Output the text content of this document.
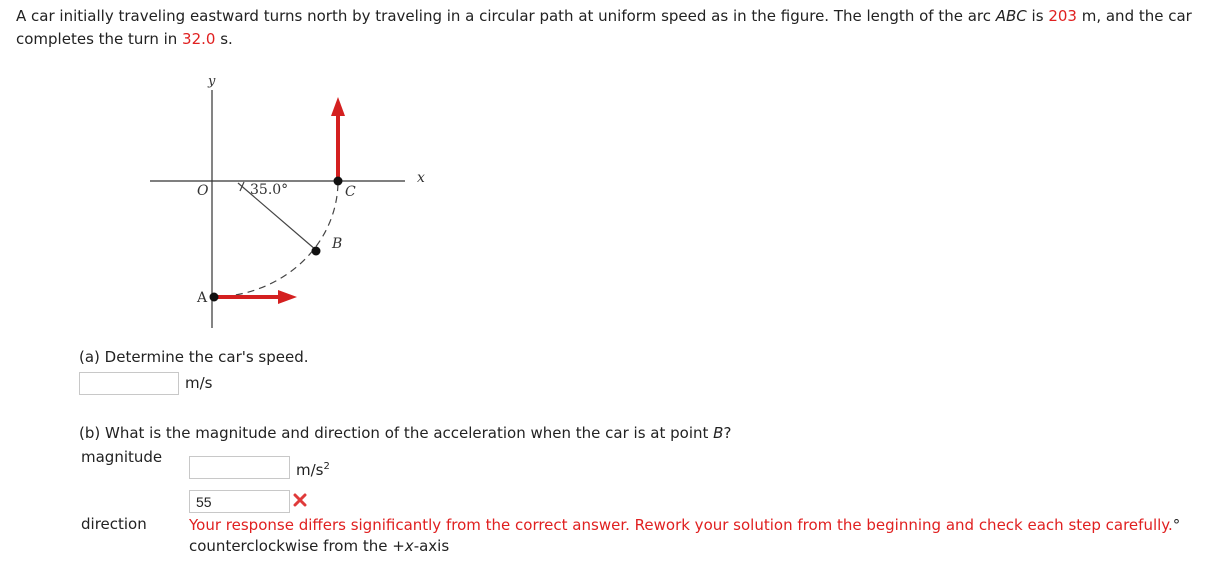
A car initially traveling eastward turns north by traveling in a circular path at uniform speed as in the figure. The length of the arc ABC is 203 m, and the car completes the turn in 32.0 s.

y
x
O	35.0°	C
B
A
(a) Determine the car's speed.
m/s
(b) What is the magnitude and direction of the acceleration when the car is at point B?
magnitude
$m/s^2$
55
direction	Your response differs significantly from the correct answer. Rework your solution from the beginning and check each step carefully.° counterclockwise from the +x-axis
